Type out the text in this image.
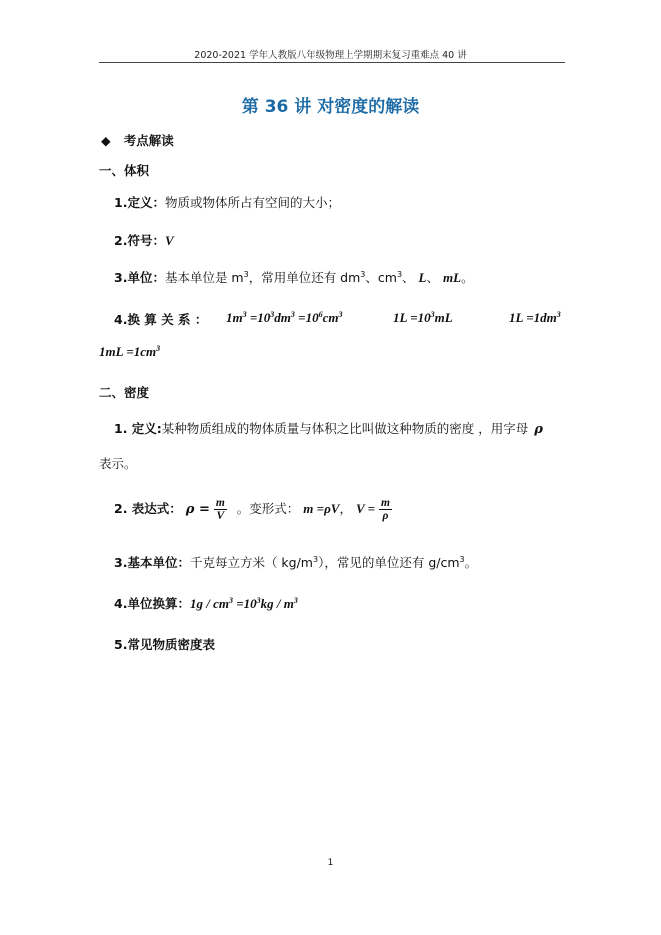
2020-2021 学年人教版八年级物理上学期期末复习重难点 40 讲
第 36 讲 对密度的解读
◆ 考点解读
一、体积
1.定义：物质或物体所占有空间的大小；
2.符号：V
3.单位：基本单位是 $m^3$，常用单位还有 $dm^3$、$cm^3$、 L、 mL。
4.换 算 关 系 ： $1m^3 =10^3dm^3 =10^6cm^3$	$1L =10^3mL$	$1L =1dm^3$
$1mL =1cm^3$
二、密度
1. 定义:某种物质组成的物体质量与体积之比叫做这种物质的密度 ，用字母 ρ
表示。
2. 表达式： $\rho = \frac{m}{V}$ 。变形式： m =ρV， $V = \frac{m}{\rho}$
3.基本单位：千克每立方米（ $kg/m^3$），常见的单位还有 $g/cm^3$。
4.单位换算：$1g / cm^3 =10^3kg / m^3$
5.常见物质密度表
1
